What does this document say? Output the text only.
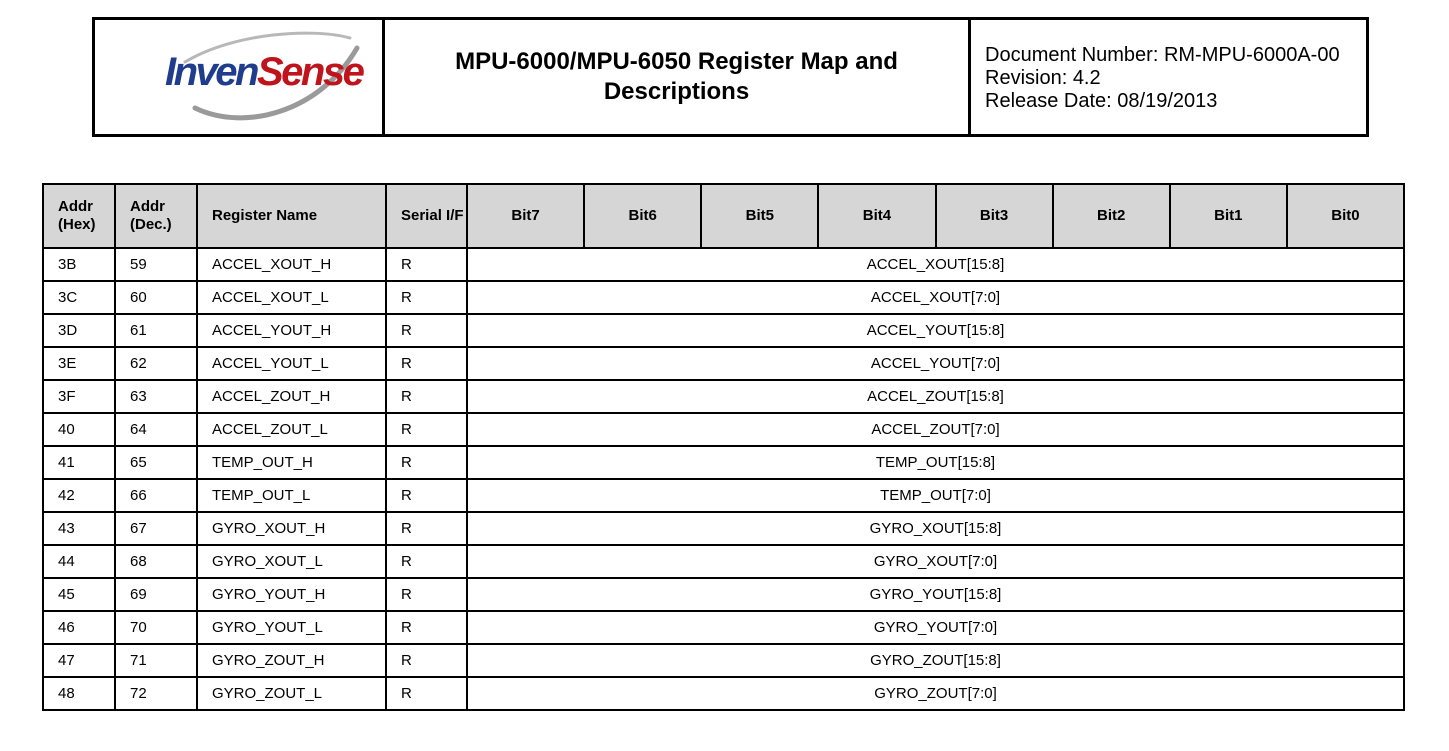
InvenSense	MPU-6000/MPU-6050 Register Map and Descriptions
Document Number: RM-MPU-6000A-00
Revision: 4.2
Release Date: 08/19/2013
Addr (Hex)	Addr (Dec.)	Register Name	Serial I/F	Bit7	Bit6	Bit5	Bit4	Bit3	Bit2	Bit1	Bit0
3B	59	ACCEL_XOUT_H	R	ACCEL_XOUT[15:8]							
3C	60	ACCEL_XOUT_L	R	ACCEL_XOUT[7:0]							
3D	61	ACCEL_YOUT_H	R	ACCEL_YOUT[15:8]							
3E	62	ACCEL_YOUT_L	R	ACCEL_YOUT[7:0]							
3F	63	ACCEL_ZOUT_H	R	ACCEL_ZOUT[15:8]							
40	64	ACCEL_ZOUT_L	R	ACCEL_ZOUT[7:0]							
41	65	TEMP_OUT_H	R	TEMP_OUT[15:8]							
42	66	TEMP_OUT_L	R	TEMP_OUT[7:0]							
43	67	GYRO_XOUT_H	R	GYRO_XOUT[15:8]							
44	68	GYRO_XOUT_L	R	GYRO_XOUT[7:0]							
45	69	GYRO_YOUT_H	R	GYRO_YOUT[15:8]							
46	70	GYRO_YOUT_L	R	GYRO_YOUT[7:0]							
47	71	GYRO_ZOUT_H	R	GYRO_ZOUT[15:8]							
48	72	GYRO_ZOUT_L	R	GYRO_ZOUT[7:0]							
